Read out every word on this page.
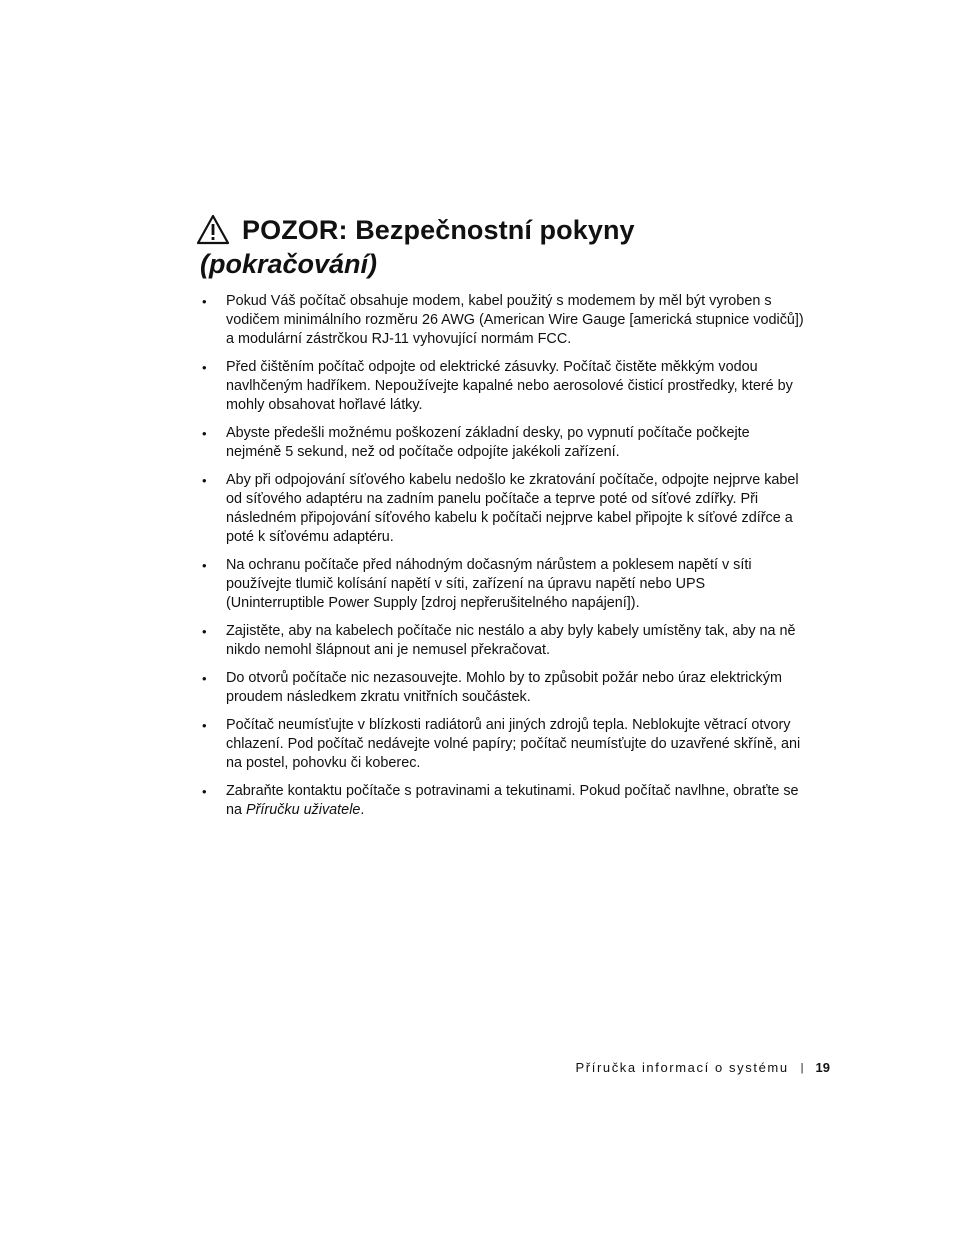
POZOR: Bezpečnostní pokyny
(pokračování)
• Pokud Váš počítač obsahuje modem, kabel použitý s modemem by měl být vyroben s vodičem minimálního rozměru 26 AWG (American Wire Gauge [americká stupnice vodičů]) a modulární zástrčkou RJ-11 vyhovující normám FCC.
• Před čištěním počítač odpojte od elektrické zásuvky. Počítač čistěte měkkým vodou navlhčeným hadříkem. Nepoužívejte kapalné nebo aerosolové čisticí prostředky, které by mohly obsahovat hořlavé látky.
• Abyste předešli možnému poškození základní desky, po vypnutí počítače počkejte nejméně 5 sekund, než od počítače odpojíte jakékoli zařízení.
• Aby při odpojování síťového kabelu nedošlo ke zkratování počítače, odpojte nejprve kabel od síťového adaptéru na zadním panelu počítače a teprve poté od síťové zdířky. Při následném připojování síťového kabelu k počítači nejprve kabel připojte k síťové zdířce a poté k síťovému adaptéru.
• Na ochranu počítače před náhodným dočasným nárůstem a poklesem napětí v síti používejte tlumič kolísání napětí v síti, zařízení na úpravu napětí nebo UPS (Uninterruptible Power Supply [zdroj nepřerušitelného napájení]).
• Zajistěte, aby na kabelech počítače nic nestálo a aby byly kabely umístěny tak, aby na ně nikdo nemohl šlápnout ani je nemusel překračovat.
• Do otvorů počítače nic nezasouvejte. Mohlo by to způsobit požár nebo úraz elektrickým proudem následkem zkratu vnitřních součástek.
• Počítač neumísťujte v blízkosti radiátorů ani jiných zdrojů tepla. Neblokujte větrací otvory chlazení. Pod počítač nedávejte volné papíry; počítač neumísťujte do uzavřené skříně, ani na postel, pohovku či koberec.
• Zabraňte kontaktu počítače s potravinami a tekutinami. Pokud počítač navlhne, obraťte se na Příručku uživatele.
Příručka informací o systému | 19
